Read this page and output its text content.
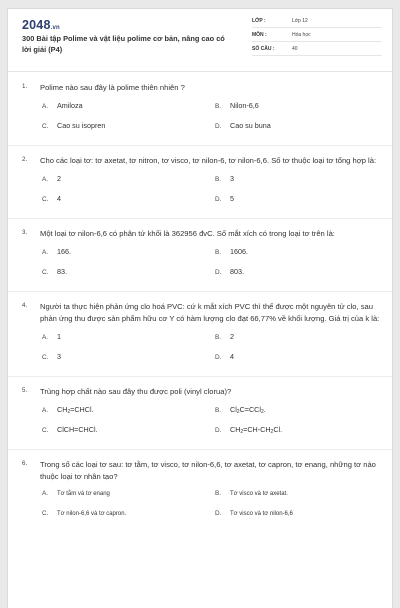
2048.vn
300 Bài tập Polime và vật liệu polime cơ bản, nâng cao có lời giải (P4)
LỚP :	Lớp 12
MÔN :	Hóa học
SỐ CÂU :	40
1.	Polime nào sau đây là polime thiên nhiên ?
A.	Amiloza	B.	Nilon-6,6
C.	Cao su isopren	D.	Cao su buna
2.	Cho các loại tơ: tơ axetat, tơ nitron, tơ visco, tơ nilon-6, tơ nilon-6,6. Số tơ thuộc loại tơ tổng hợp là:
A.	2	B.	3
C.	4	D.	5
3.	Một loại tơ nilon-6,6 có phân tử khối là 362956 đvC. Số mắt xích có trong loại tơ trên là:
A.	166.	B.	1606.
C.	83.	D.	803.
4.	Người ta thực hiện phản ứng clo hoá PVC: cứ k mắt xích PVC thì thế được một nguyên tử clo, sau phản ứng thu được sản phẩm hữu cơ Y có hàm lượng clo đạt 66,77% về khối lượng. Giá trị của k là:
A.	1	B.	2
C.	3	D.	4
5.	Trùng hợp chất nào sau đây thu được poli (vinyl clorua)?
A.	$CH_2=CHCl$.	B.	$Cl_2C=CCl_2$.
C.	ClCH=CHCl.	D.	$CH_2=CH-CH_2Cl$.
6.	Trong số các loại tơ sau: tơ tằm, tơ visco, tơ nilon-6,6, tơ axetat, tơ capron, tơ enang, những tơ nào thuộc loại tơ nhân tạo?
A.	Tơ tằm và tơ enang	B.	Tơ visco và tơ axetat.
C.	Tơ nilon-6,6 và tơ capron.	D.	Tơ visco và tơ nilon-6,6
